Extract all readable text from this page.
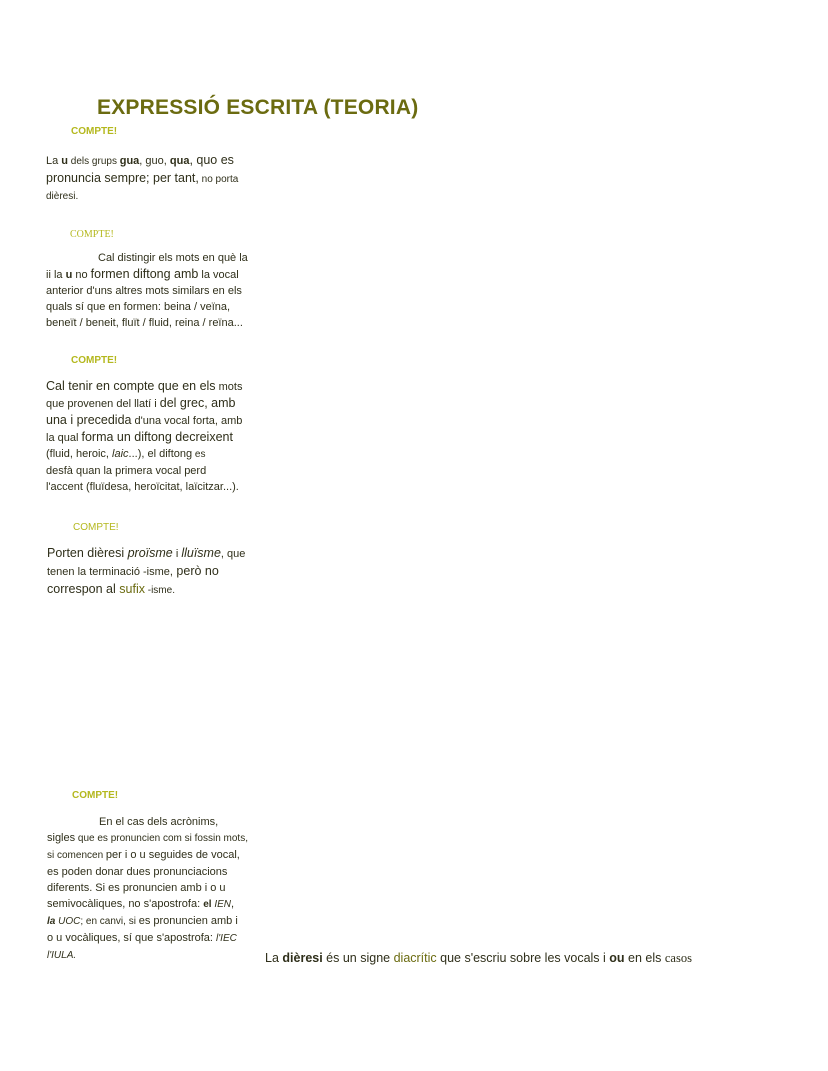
EXPRESSIÓ ESCRITA (TEORIA)
COMPTE!
La u dels grups gua, guo, qua, quo es
pronuncia sempre; per tant, no porta
dièresi.
COMPTE!
Cal distingir els mots en què la
ii la u no formen diftong amb la vocal
anterior d'uns altres mots similars en els
quals sí que en formen: beina / veïna,
beneït / beneit, fluït / fluid, reina / reïna...
COMPTE!
Cal tenir en compte que en els mots
que provenen del llatí i del grec, amb
una i precedida d'una vocal forta, amb
la qual forma un diftong decreixent
(fluid, heroic, laic...), el diftong es
desfà quan la primera vocal perd
l'accent (fluïdesa, heroïcitat, laïcitzar...).
COMPTE!
Porten dièresi proïsme i lluïsme, que
tenen la terminació -isme, però no
correspon al sufix -isme.
COMPTE!
En el cas dels acrònims,
sigles que es pronuncien com si fossin mots,
si comencen per i o u seguides de vocal,
es poden donar dues pronunciacions
diferents. Si es pronuncien amb i o u
semivocàliques, no s'apostrofa: el IEN,
la UOC; en canvi, si es pronuncien amb i
o u vocàliques, sí que s'apostrofa: l'IEC
l'IULA.	La dièresi és un signe diacrític que s'escriu sobre les vocals i ou en els casos
